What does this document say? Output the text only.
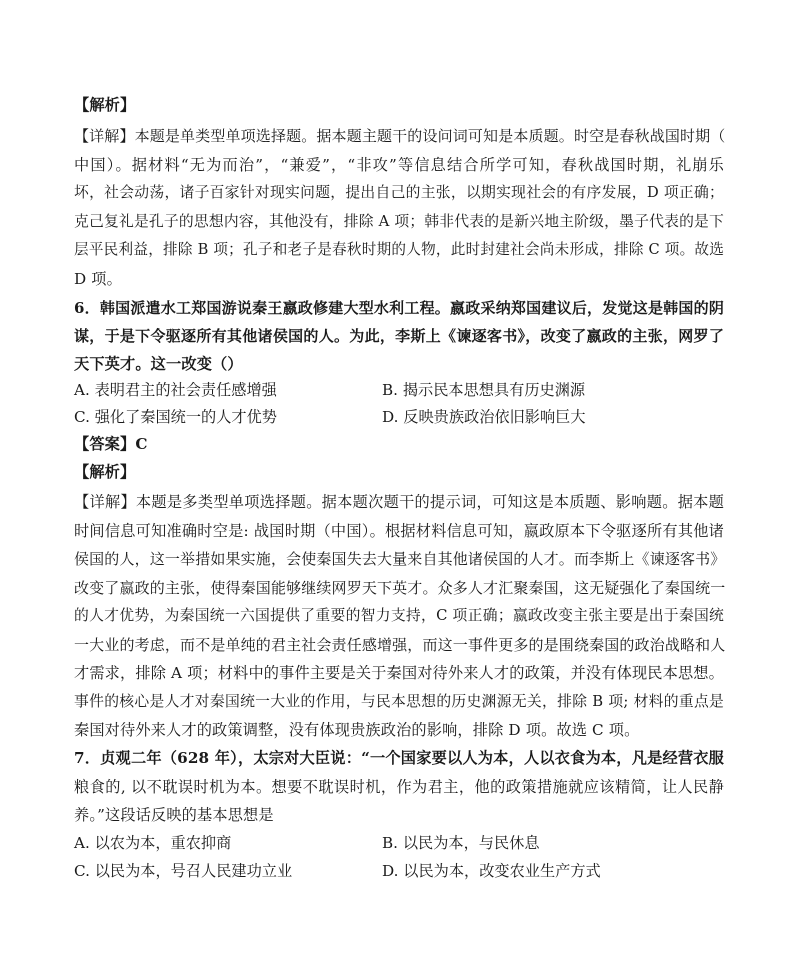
【解析】
【详解】本题是单类型单项选择题。据本题主题干的设问词可知是本质题。时空是春秋战国时期（
中国）。据材料“无为而治”，“兼爱”，“非攻”等信息结合所学可知，春秋战国时期，礼崩乐
坏，社会动荡，诸子百家针对现实问题，提出自己的主张，以期实现社会的有序发展，D 项正确；
克己复礼是孔子的思想内容，其他没有，排除 A 项；韩非代表的是新兴地主阶级，墨子代表的是下
层平民利益，排除 B 项；孔子和老子是春秋时期的人物，此时封建社会尚未形成，排除 C 项。故选
D 项。
6．韩国派遣水工郑国游说秦王嬴政修建大型水利工程。嬴政采纳郑国建议后，发觉这是韩国的阴
谋，于是下令驱逐所有其他诸侯国的人。为此，李斯上《谏逐客书》，改变了嬴政的主张，网罗了
天下英才。这一改变（）
A. 表明君主的社会责任感增强	B. 揭示民本思想具有历史渊源
C. 强化了秦国统一的人才优势	D. 反映贵族政治依旧影响巨大
【答案】C
【解析】
【详解】本题是多类型单项选择题。据本题次题干的提示词，可知这是本质题、影响题。据本题
时间信息可知准确时空是: 战国时期（中国）。根据材料信息可知，嬴政原本下令驱逐所有其他诸
侯国的人，这一举措如果实施，会使秦国失去大量来自其他诸侯国的人才。而李斯上《谏逐客书》
改变了嬴政的主张，使得秦国能够继续网罗天下英才。众多人才汇聚秦国，这无疑强化了秦国统一
的人才优势，为秦国统一六国提供了重要的智力支持，C 项正确；嬴政改变主张主要是出于秦国统
一大业的考虑，而不是单纯的君主社会责任感增强，而这一事件更多的是围绕秦国的政治战略和人
才需求，排除 A 项；材料中的事件主要是关于秦国对待外来人才的政策，并没有体现民本思想。
事件的核心是人才对秦国统一大业的作用，与民本思想的历史渊源无关，排除 B 项; 材料的重点是
秦国对待外来人才的政策调整，没有体现贵族政治的影响，排除 D 项。故选 C 项。
7．贞观二年（628 年），太宗对大臣说：“一个国家要以人为本，人以衣食为本，凡是经营衣服
粮食的, 以不耽误时机为本。想要不耽误时机，作为君主，他的政策措施就应该精简，让人民静
养。”这段话反映的基本思想是
A. 以农为本，重农抑商	B. 以民为本，与民休息
C. 以民为本，号召人民建功立业	D. 以民为本，改变农业生产方式
